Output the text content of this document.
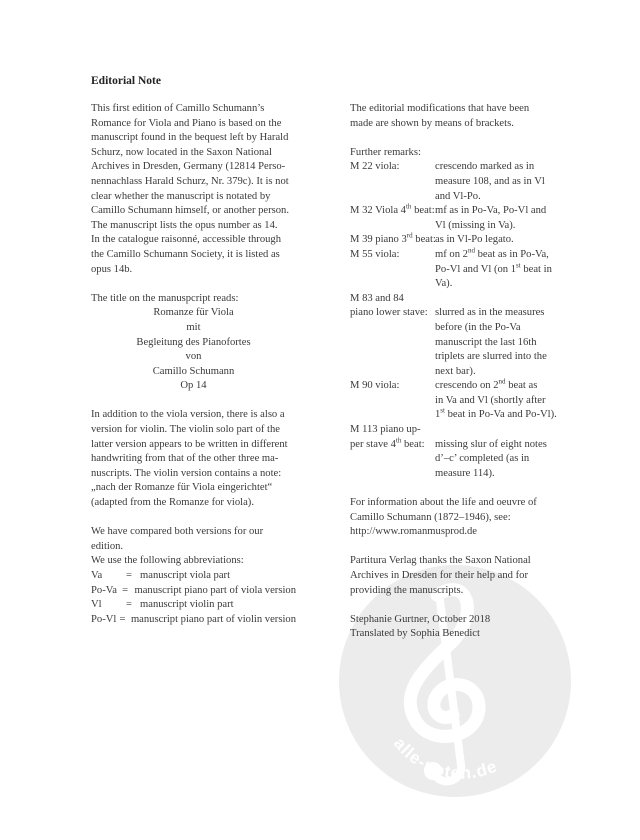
Editorial Note

This first edition of Camillo Schumann’s

Romance for Viola and Piano is based on the

manuscript found in the bequest left by Harald

Schurz, now located in the Saxon National

Archives in Dresden, Germany (12814 Perso-

nennachlass Harald Schurz, Nr. 379c). It is not

clear whether the manuscript is notated by

Camillo Schumann himself, or another person.

The manuscript lists the opus number as 14.

In the catalogue raisonné, accessible through

the Camillo Schumann Society, it is listed as

opus 14b.

The title on the manuspcript reads:

Romanze für Viola

mit

Begleitung des Pianofortes

von

Camillo Schumann

Op 14

In addition to the viola version, there is also a

version for violin. The violin solo part of the

latter version appears to be written in different

handwriting from that of the other three ma-

nuscripts. The violin version contains a note:

„nach der Romanze für Viola eingerichtet“

(adapted from the Romanze for viola).

We have compared both versions for our edition.

We use the following abbreviations:

Va	= manuscript viola part
Po-Va = manuscript piano part of viola version
Vl	= manuscript violin part
Po-Vl = manuscript piano part of violin version
alle-noten.de

The editorial modifications that have been

made are shown by means of brackets.

Further remarks:

M 22 viola:	crescendo marked as in

measure 108, and as in Vl

and Vl-Po.

M 32 Viola 4th beat: mf as in Po-Va, Po-Vl and

Vl (missing in Va).

M 39 piano 3rd beat: as in Vl-Po legato.

M 55 viola:	mf on 2nd beat as in Po-Va,

Po-Vl and Vl (on 1st beat in

Va).

M 83 and 84
piano lower stave: slurred as in the measures

before (in the Po-Va

manuscript the last 16th

triplets are slurred into the

next bar).

M 90 viola:	crescendo on 2nd beat as

in Va and Vl (shortly after

1st beat in Po-Va and Po-Vl).

M 113 piano up-
per stave 4th beat: missing slur of eight notes

d’–c’ completed (as in

measure 114).

For information about the life and oeuvre of

Camillo Schumann (1872–1946), see:

http://www.romanmusprod.de

Partitura Verlag thanks the Saxon National

Archives in Dresden for their help and for

providing the manuscripts.

Stephanie Gurtner, October 2018

Translated by Sophia Benedict
